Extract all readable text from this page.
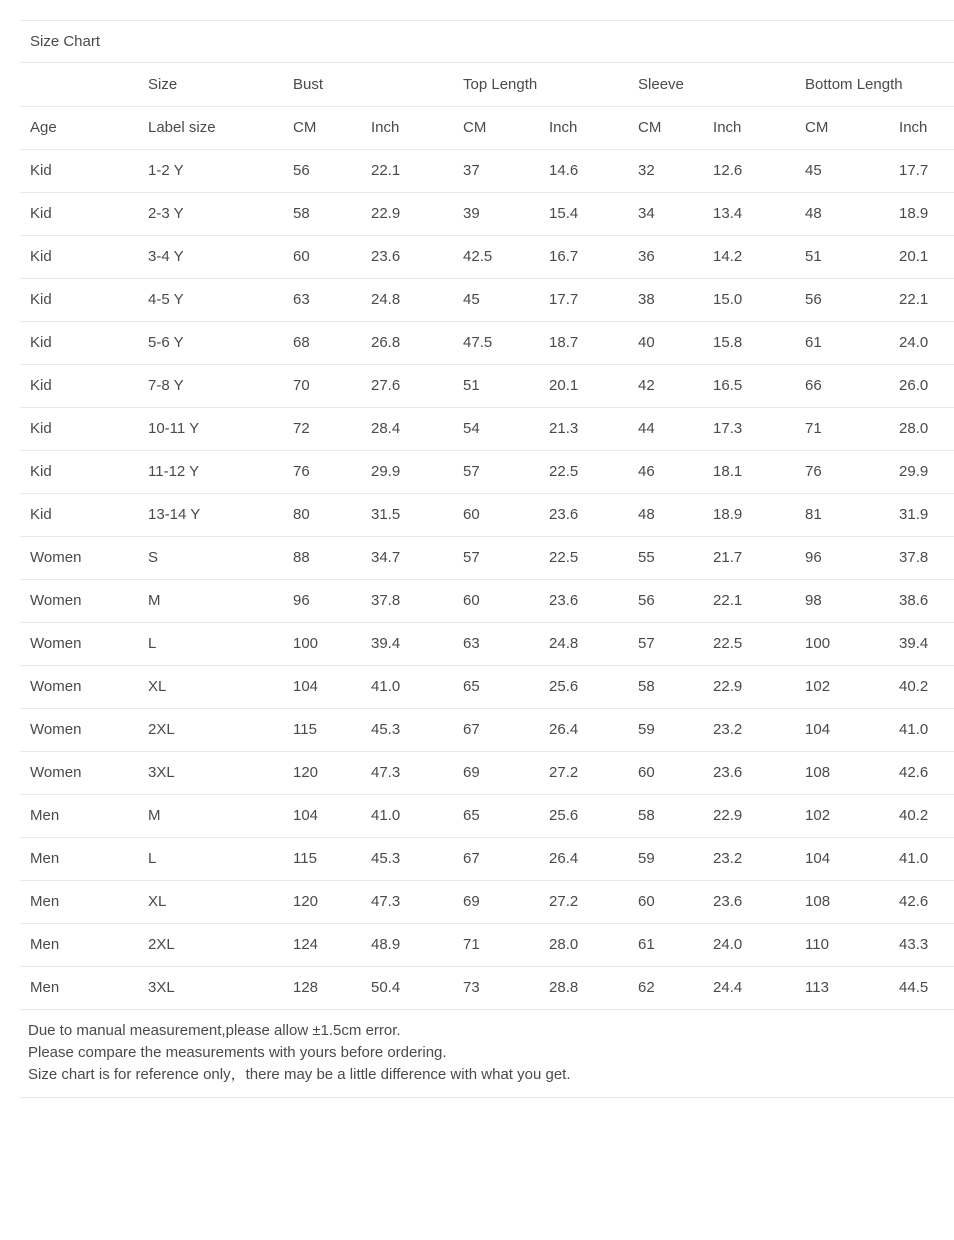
Size Chart
	Size	Bust		Top Length		Sleeve		Bottom Length	
Age	Label size	CM	Inch	CM	Inch	CM	Inch	CM	Inch
Kid	1-2 Y	56	22.1	37	14.6	32	12.6	45	17.7
Kid	2-3 Y	58	22.9	39	15.4	34	13.4	48	18.9
Kid	3-4 Y	60	23.6	42.5	16.7	36	14.2	51	20.1
Kid	4-5 Y	63	24.8	45	17.7	38	15.0	56	22.1
Kid	5-6 Y	68	26.8	47.5	18.7	40	15.8	61	24.0
Kid	7-8 Y	70	27.6	51	20.1	42	16.5	66	26.0
Kid	10-11 Y	72	28.4	54	21.3	44	17.3	71	28.0
Kid	11-12 Y	76	29.9	57	22.5	46	18.1	76	29.9
Kid	13-14 Y	80	31.5	60	23.6	48	18.9	81	31.9
Women	S	88	34.7	57	22.5	55	21.7	96	37.8
Women	M	96	37.8	60	23.6	56	22.1	98	38.6
Women	L	100	39.4	63	24.8	57	22.5	100	39.4
Women	XL	104	41.0	65	25.6	58	22.9	102	40.2
Women	2XL	115	45.3	67	26.4	59	23.2	104	41.0
Women	3XL	120	47.3	69	27.2	60	23.6	108	42.6
Men	M	104	41.0	65	25.6	58	22.9	102	40.2
Men	L	115	45.3	67	26.4	59	23.2	104	41.0
Men	XL	120	47.3	69	27.2	60	23.6	108	42.6
Men	2XL	124	48.9	71	28.0	61	24.0	110	43.3
Men	3XL	128	50.4	73	28.8	62	24.4	113	44.5
Due to manual measurement,please allow ±1.5cm error.
Please compare the measurements with yours before ordering.
Size chart is for reference only，there may be a little difference with what you get.
